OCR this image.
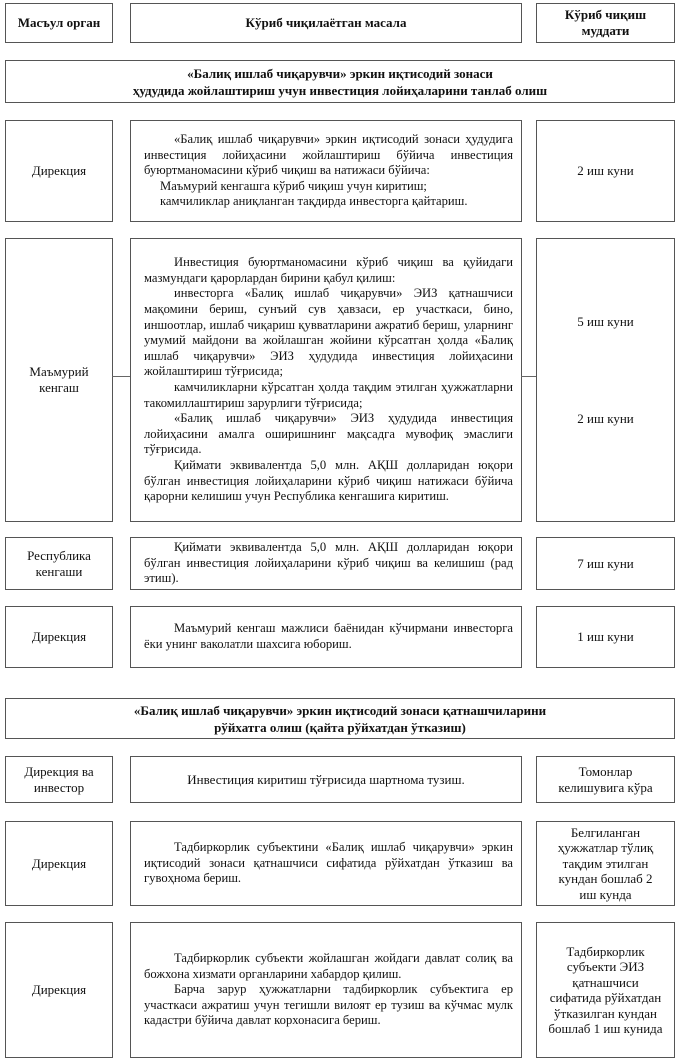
Масъул орган	Кўриб чиқилаётган масала
Кўриб чиқиш муддати
«Балиқ ишлаб чиқарувчи» эркин иқтисодий зонаси
ҳудудида жойлаштириш учун инвестиция лойиҳаларини танлаб олиш
Дирекция

«Балиқ ишлаб чиқарувчи» эркин иқтисодий зонаси ҳудудига инвестиция лойиҳасини жойлаштириш бўйича инвестиция буюртманомасини кўриб чиқиш ва натижаси бўйича:

Маъмурий кенгашга кўриб чиқиш учун киритиш;

камчиликлар аниқланган тақдирда инвесторга қайтариш.

2 иш куни
Маъмурий кенгаш

Инвестиция буюртманомасини кўриб чиқиш ва қуйидаги мазмундаги қарорлардан бирини қабул қилиш:

инвесторга «Балиқ ишлаб чиқарувчи» ЭИЗ қатнашчиси мақомини бериш, сунъий сув ҳавзаси, ер участкаси, бино, иншоотлар, ишлаб чиқариш қувватларини ажратиб бериш, уларнинг умумий майдони ва жойлашган жойини кўрсатган ҳолда «Балиқ ишлаб чиқарувчи» ЭИЗ ҳудудида инвестиция лойиҳасини жойлаштириш тўғрисида;

камчиликларни кўрсатган ҳолда тақдим этилган ҳужжатларни такомиллаштириш зарурлиги тўғрисида;

«Балиқ ишлаб чиқарувчи» ЭИЗ ҳудудида инвестиция лойиҳасини амалга оширишнинг мақсадга мувофиқ эмаслиги тўғрисида.

Қиймати эквивалентда 5,0 млн. АҚШ долларидан юқори бўлган инвестиция лойиҳаларини кўриб чиқиш натижаси бўйича қарорни келишиш учун Республика кенгашига киритиш.

5 иш куни
2 иш куни
Республика кенгаши

Қиймати эквивалентда 5,0 млн. АҚШ долларидан юқори бўлган инвестиция лойиҳаларини кўриб чиқиш ва келишиш (рад этиш).

7 иш куни
Дирекция

Маъмурий кенгаш мажлиси баёнидан кўчирмани инвесторга ёки унинг ваколатли шахсига юбориш.	1 иш куни
«Балиқ ишлаб чиқарувчи» эркин иқтисодий зонаси қатнашчиларини
рўйхатга олиш (қайта рўйхатдан ўтказиш)
Дирекция ва инвестор
Инвестиция киритиш тўғрисида шартнома тузиш.
Томонлар келишувига кўра
Дирекция

Тадбиркорлик субъектини «Балиқ ишлаб чиқарувчи» эркин иқтисодий зонаси қатнашчиси сифатида рўйхатдан ўтказиш ва гувоҳнома бериш.

Белгиланган ҳужжатлар тўлиқ тақдим этилган кундан бошлаб 2 иш кунда
Дирекция

Тадбиркорлик субъекти жойлашган жойдаги давлат солиқ ва божхона хизмати органларини хабардор қилиш.

Барча зарур ҳужжатларни тадбиркорлик субъектига ер участкаси ажратиш учун тегишли вилоят ер тузиш ва кўчмас мулк кадастри бўйича давлат корхонасига бериш.

Тадбиркорлик субъекти ЭИЗ қатнашчиси сифатида рўйхатдан ўтказилган кундан бошлаб 1 иш кунида
